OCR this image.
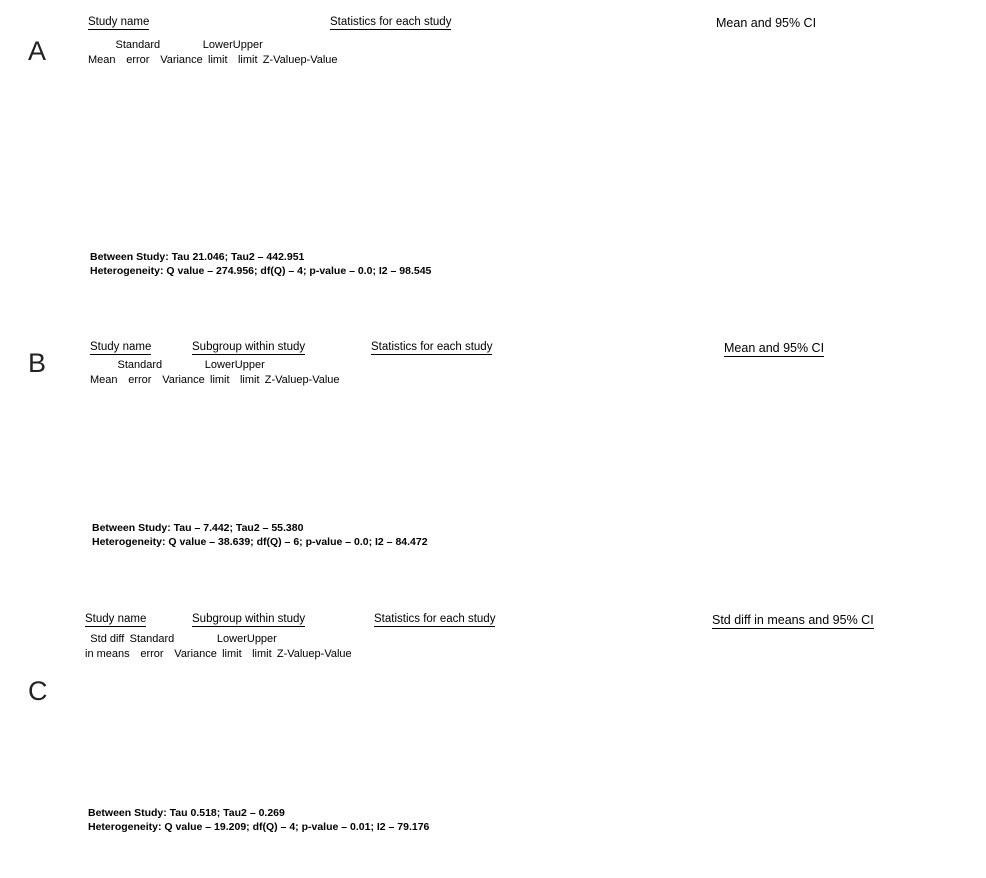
A
Study name	Statistics for each study
		Standard		Lower	Upper		
	Mean	error	Variance	limit	limit	Z-Value	p-Value
Mean and 95% CI
Between Study: Tau 21.046; Tau2 – 442.951
Heterogeneity: Q value – 274.956; df(Q) – 4; p-value – 0.0; I2 – 98.545
B
Study name	Subgroup within study	Statistics for each study
			Standard		Lower	Upper		
		Mean	error	Variance	limit	limit	Z-Value	p-Value
Mean and 95% CI
Between Study: Tau – 7.442; Tau2 – 55.380
Heterogeneity: Q value – 38.639; df(Q) – 6; p-value – 0.0; I2 – 84.472
C
Study name	Subgroup within study	Statistics for each study
		Std diff	Standard		Lower	Upper		
		in means	error	Variance	limit	limit	Z-Value	p-Value
Std diff in means and 95% CI
Between Study: Tau 0.518; Tau2 – 0.269
Heterogeneity: Q value – 19.209; df(Q) – 4; p-value – 0.01; I2 – 79.176
